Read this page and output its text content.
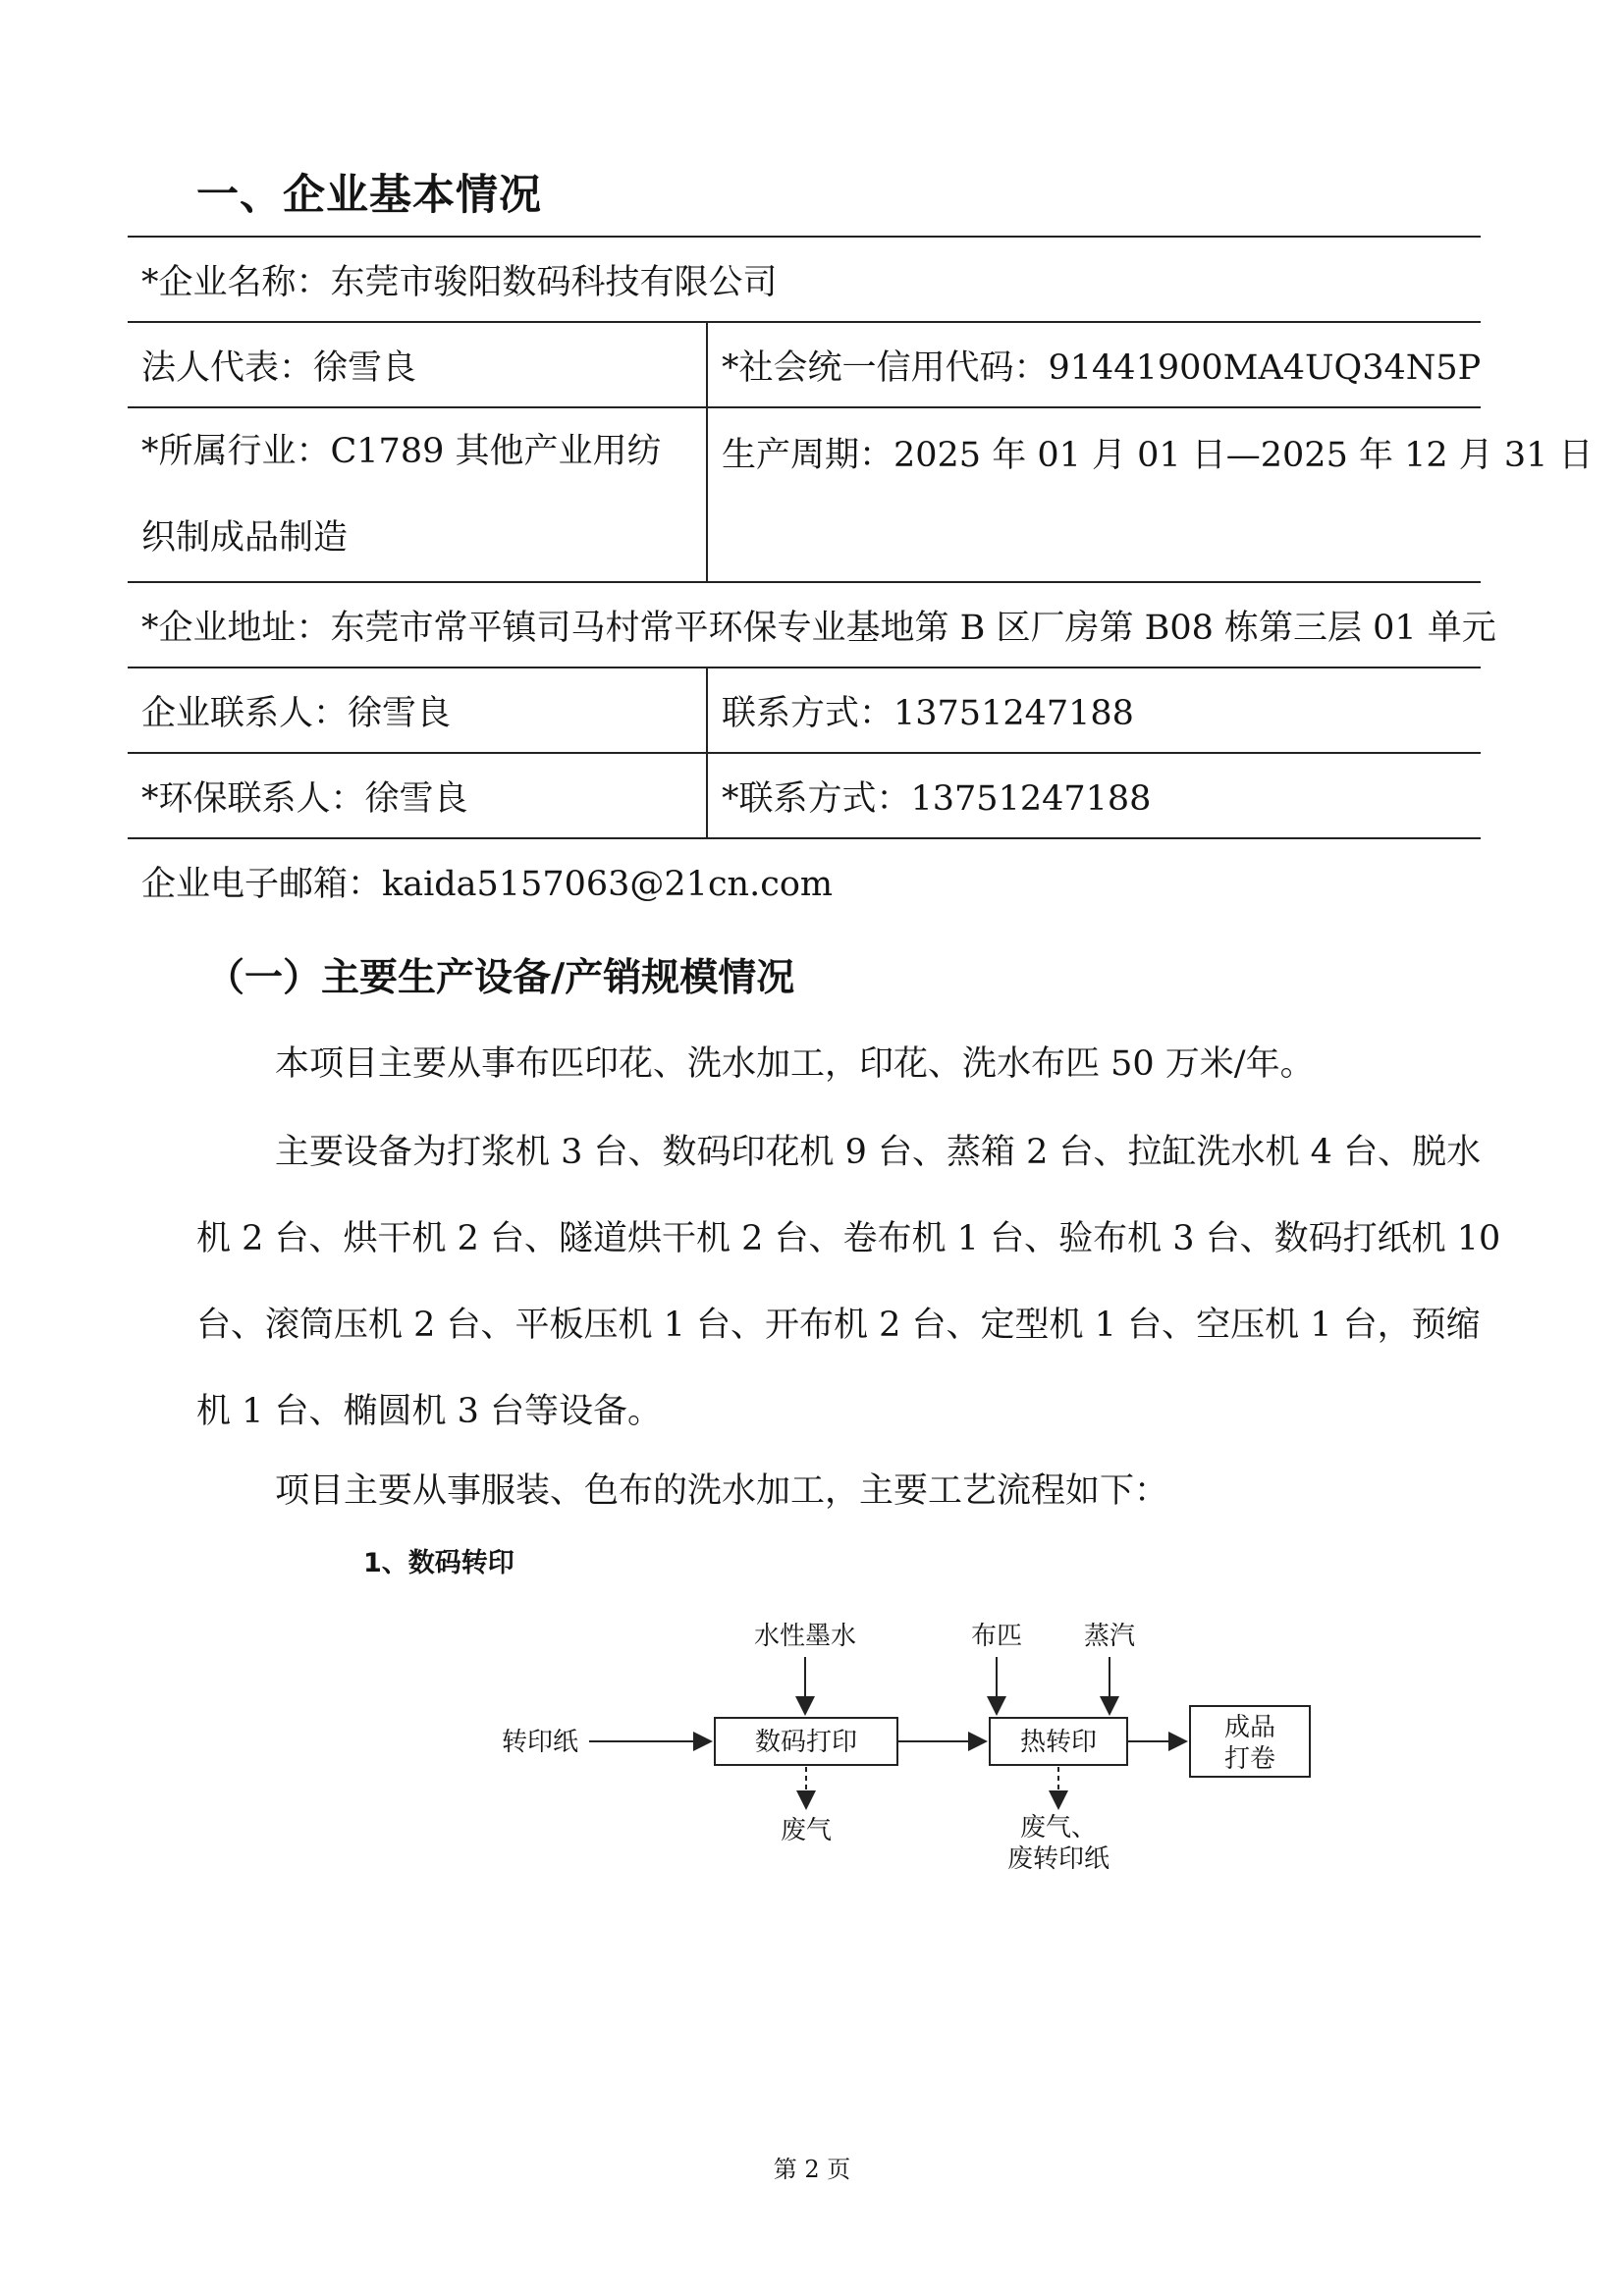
一、企业基本情况
*企业名称：东莞市骏阳数码科技有限公司	
法人代表：徐雪良	*社会统一信用代码：91441900MA4UQ34N5P
*所属行业：C1789 其他产业用纺织制成品制造	生产周期：2025 年 01 月 01 日—2025 年 12 月 31 日
*企业地址：东莞市常平镇司马村常平环保专业基地第 B 区厂房第 B08 栋第三层 01 单元	
企业联系人：徐雪良	联系方式：13751247188
*环保联系人：徐雪良	*联系方式：13751247188
企业电子邮箱：kaida5157063@21cn.com	
（一）主要生产设备/产销规模情况
本项目主要从事布匹印花、洗水加工，印花、洗水布匹 50 万米/年。
主要设备为打浆机 3 台、数码印花机 9 台、蒸箱 2 台、拉缸洗水机 4 台、脱水机 2 台、烘干机 2 台、隧道烘干机 2 台、卷布机 1 台、验布机 3 台、数码打纸机 10 台、滚筒压机 2 台、平板压机 1 台、开布机 2 台、定型机 1 台、空压机 1 台，预缩机 1 台、椭圆机 3 台等设备。
项目主要从事服装、色布的洗水加工，主要工艺流程如下：
1、数码转印
水性墨水	布匹 蒸汽
转印纸	数码打印	热转印	成品
打卷
废气	废气、
废转印纸
第 2 页
